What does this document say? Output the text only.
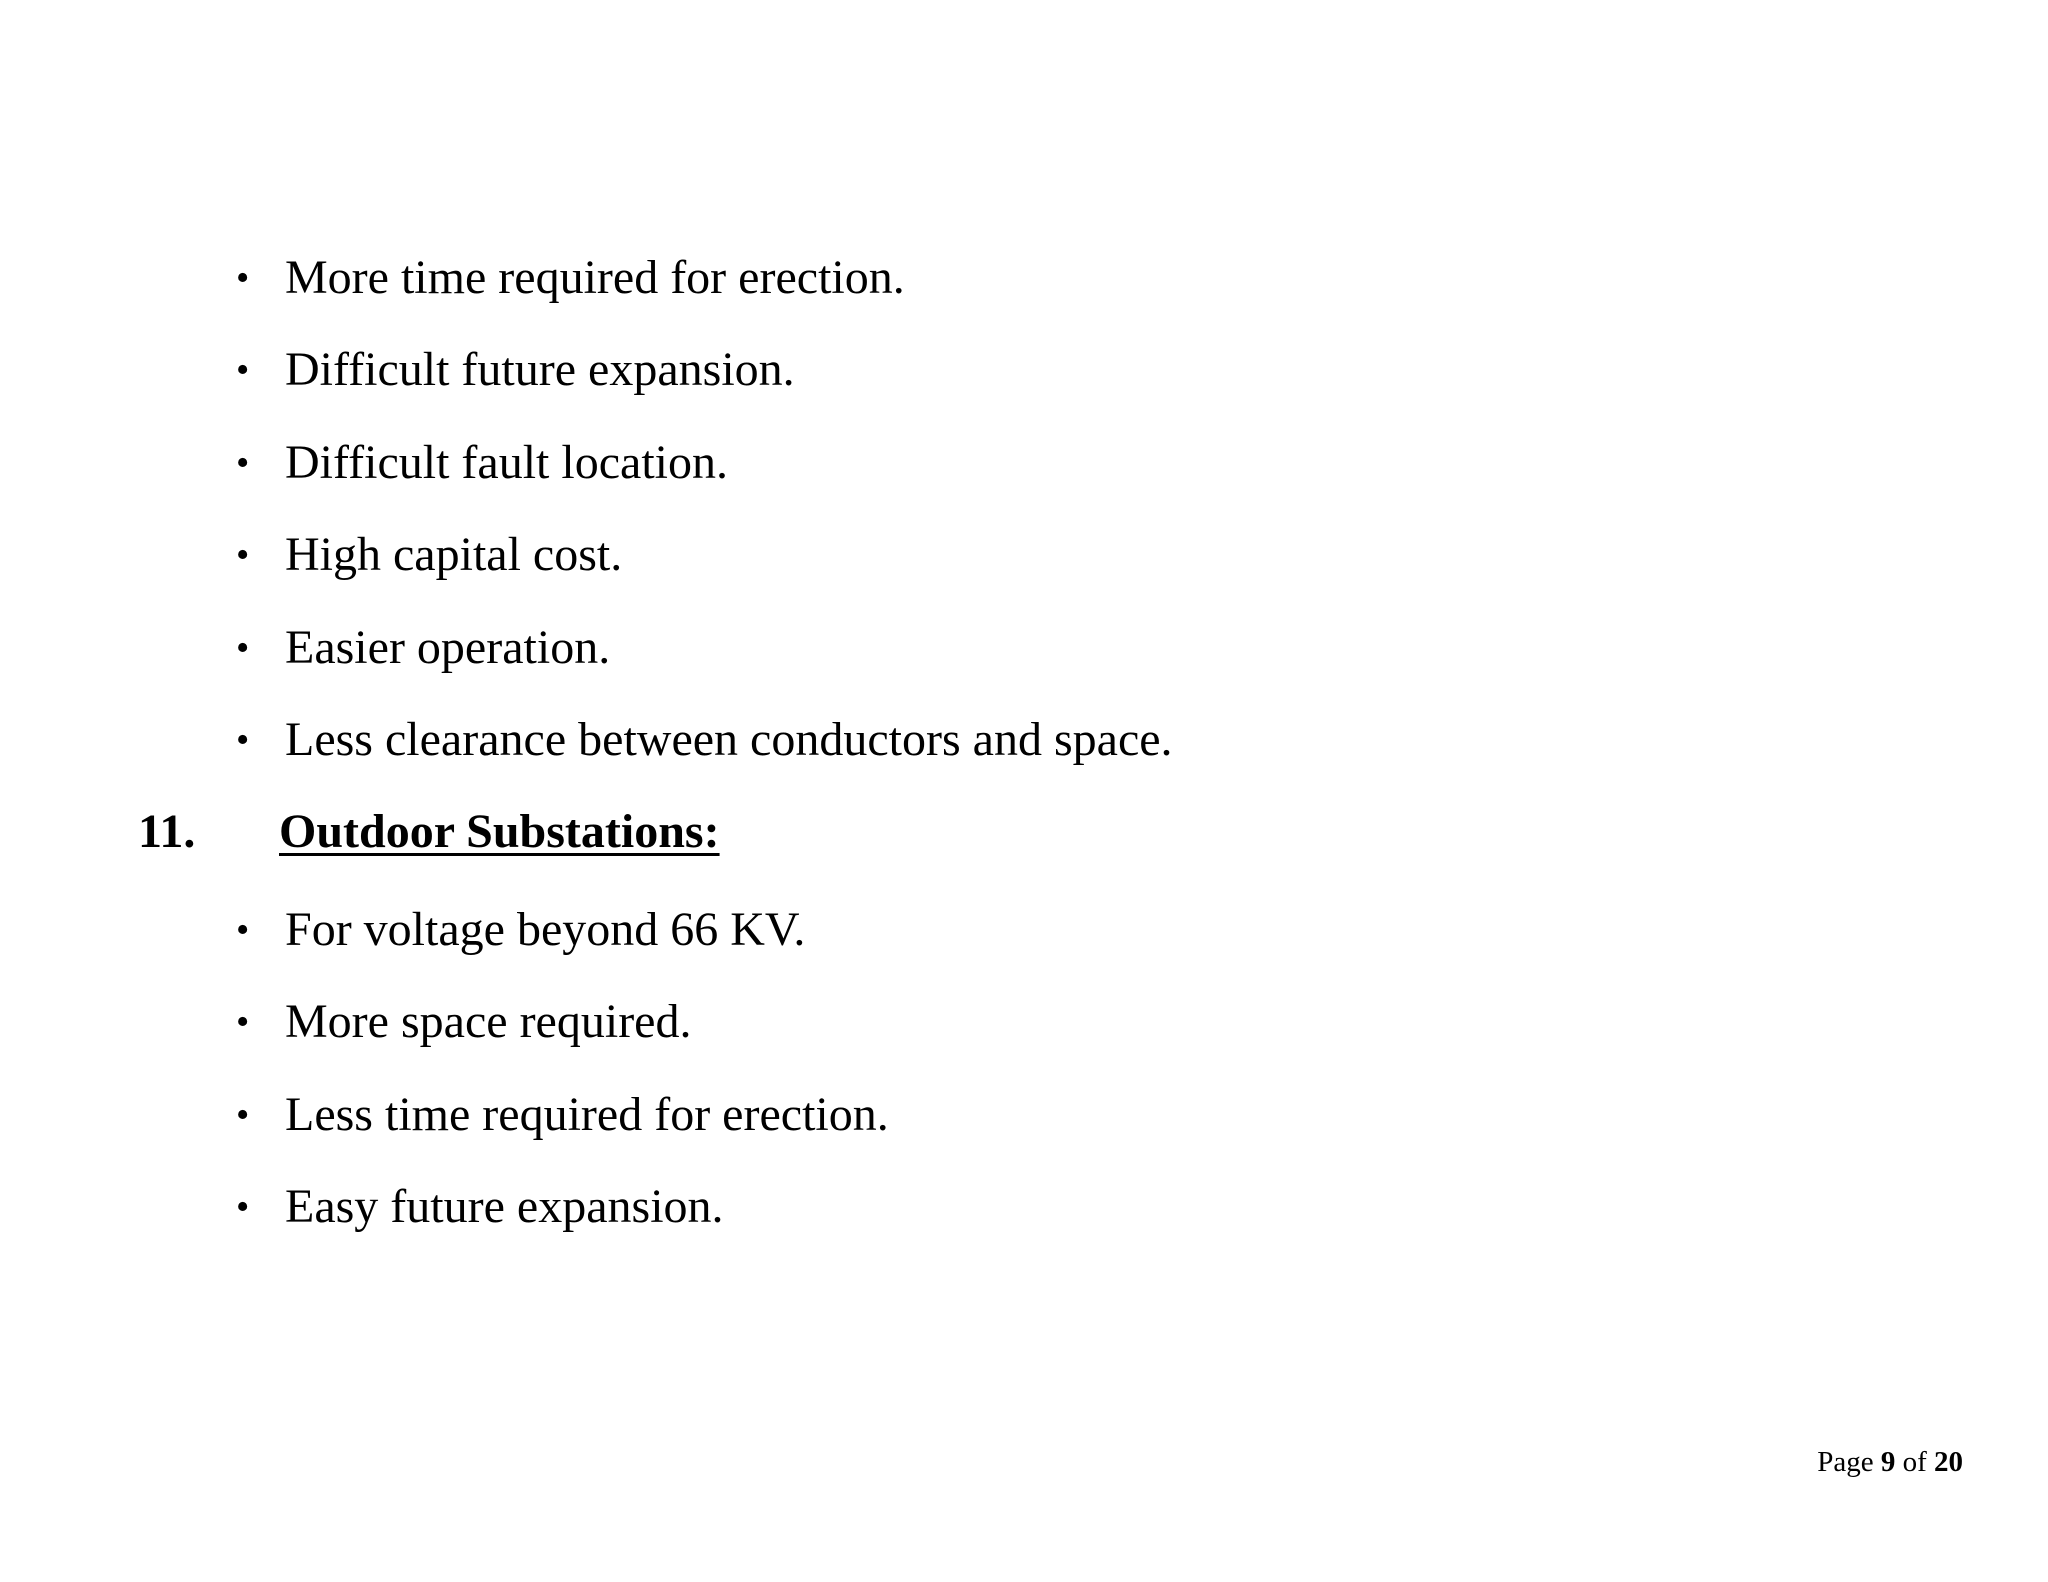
• More time required for erection.
• Difficult future expansion.
• Difficult fault location.
• High capital cost.
• Easier operation.
• Less clearance between conductors and space.
11. Outdoor Substations:
• For voltage beyond 66 KV.
• More space required.
• Less time required for erection.
• Easy future expansion.
Page 9 of 20
